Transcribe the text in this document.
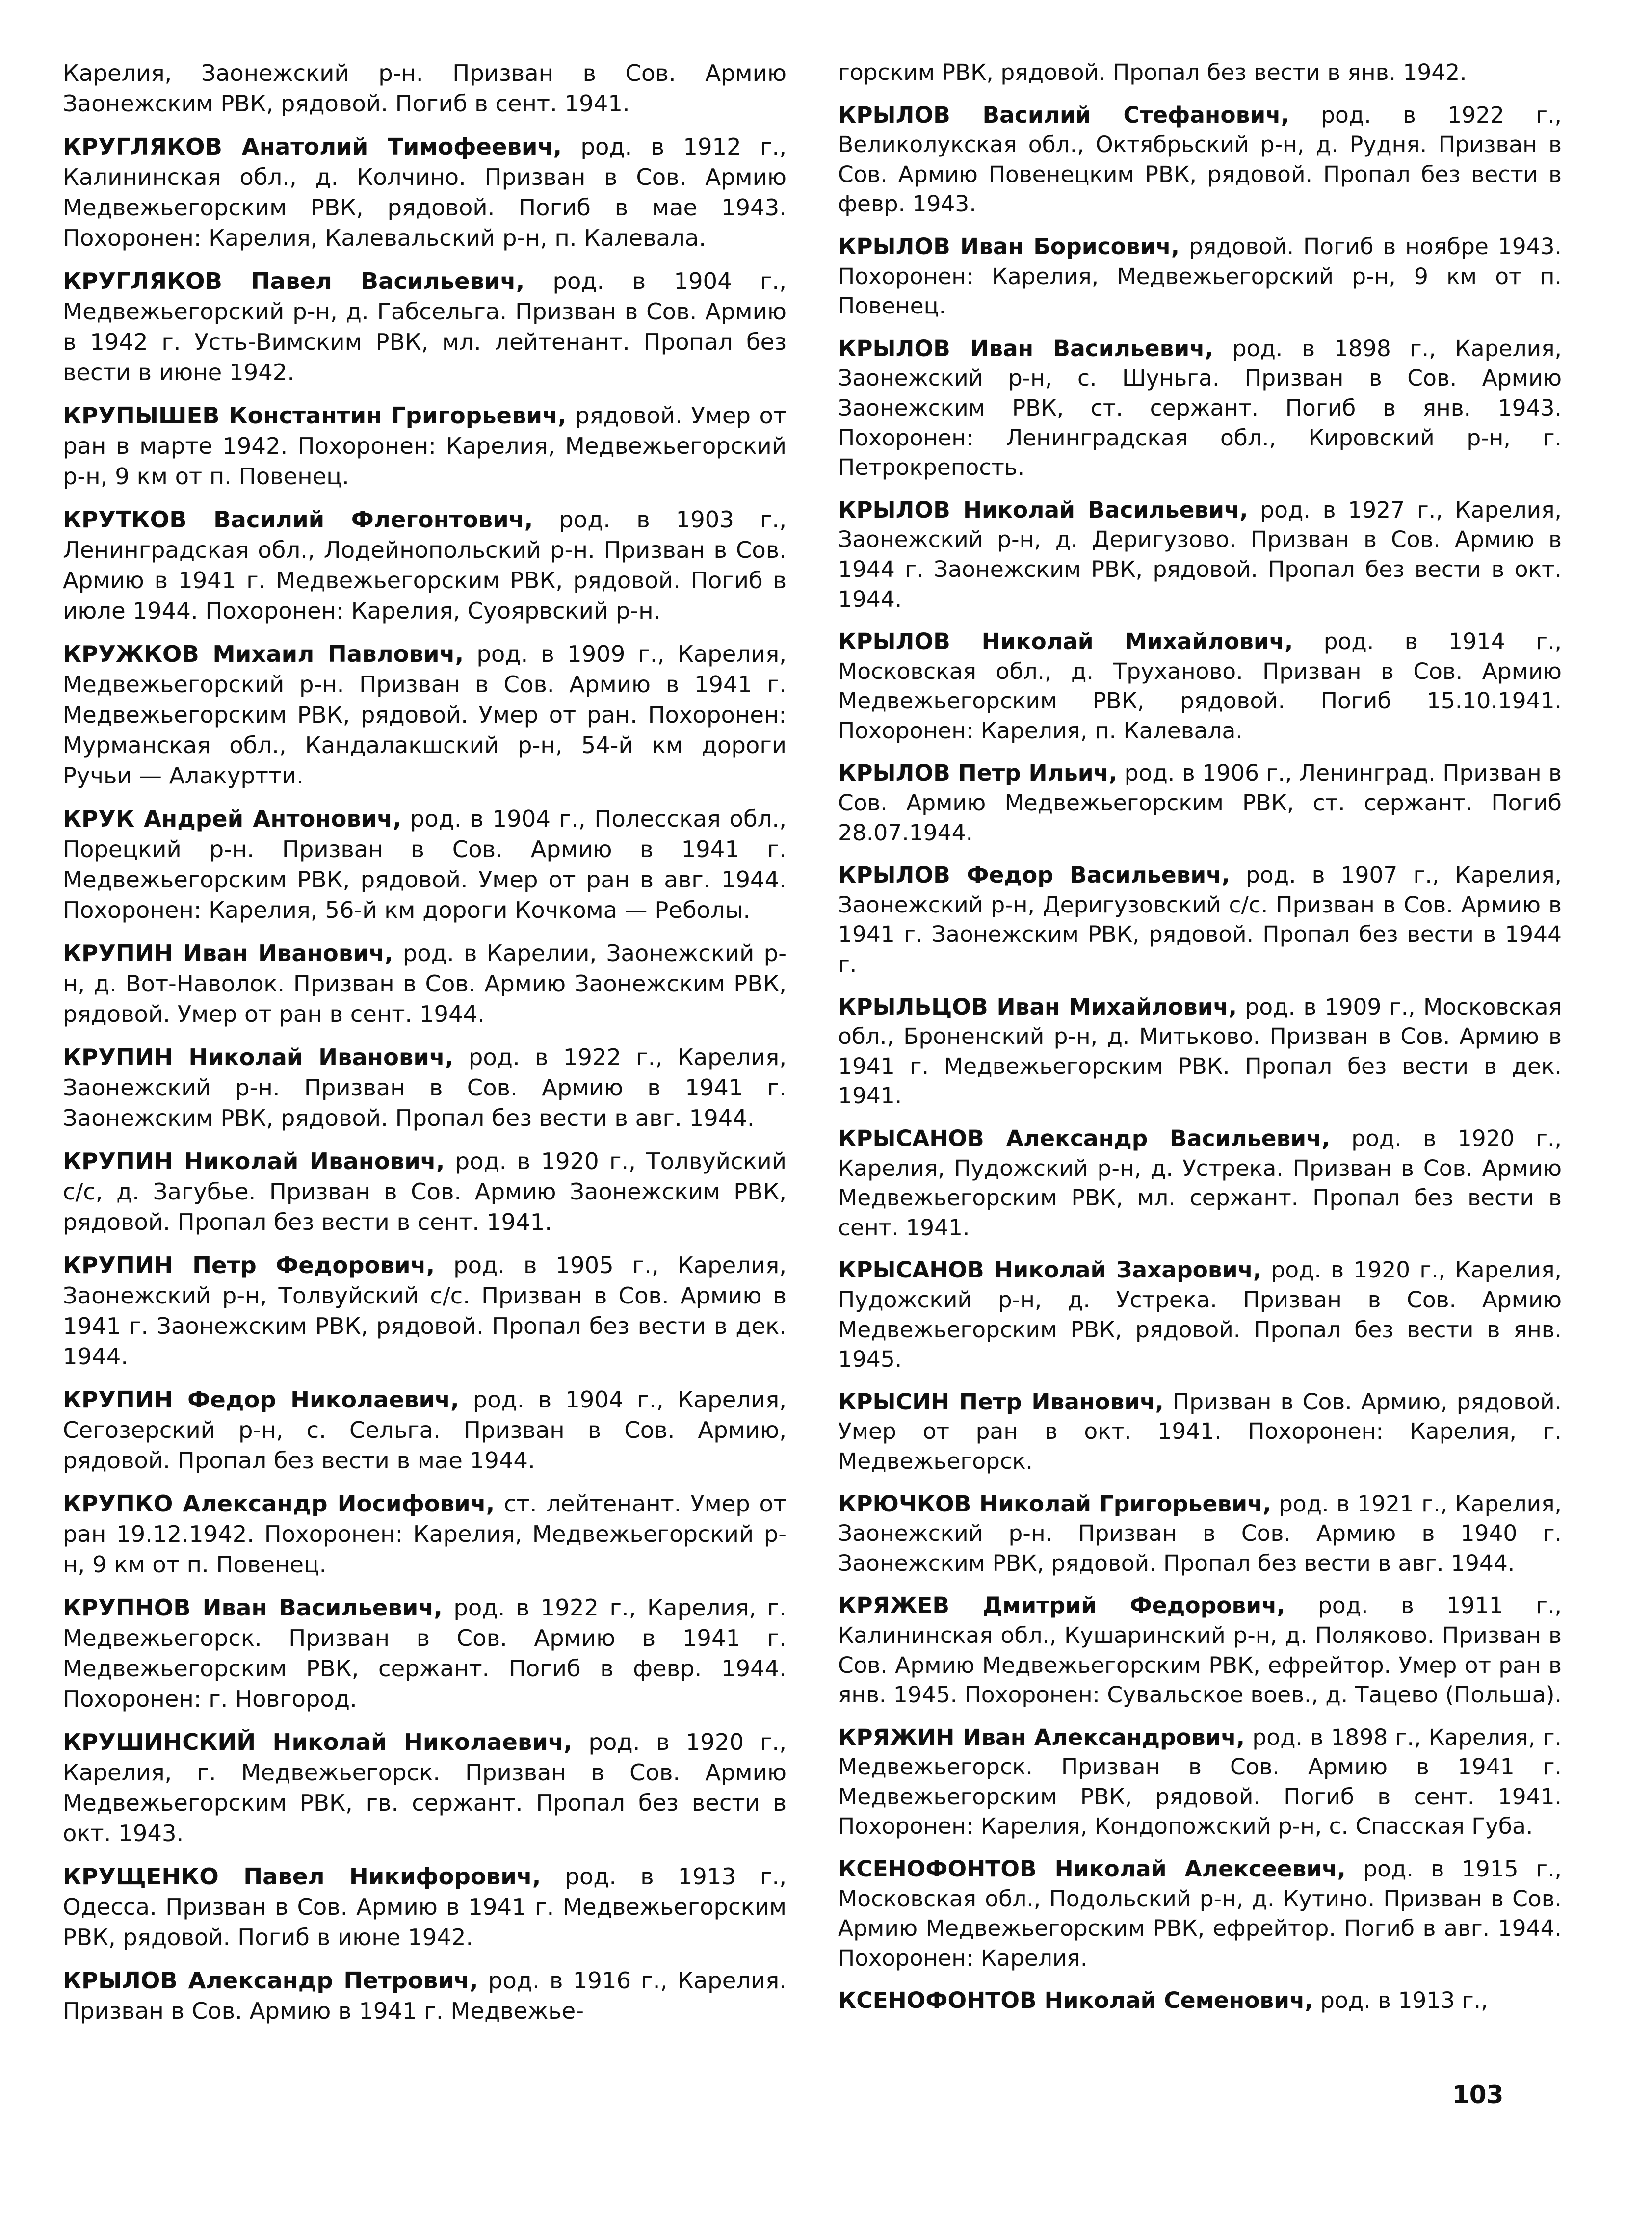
Карелия, Заонежский р-н. Призван в Сов. Армию Заонежским РВК, рядовой. Погиб в сент. 1941.

КРУГЛЯКОВ Анатолий Тимофеевич, род. в 1912 г., Калининская обл., д. Колчино. Призван в Сов. Армию Медвежьегорским РВК, рядовой. Погиб в мае 1943. Похоронен: Карелия, Калевальский р-н, п. Калевала.

КРУГЛЯКОВ Павел Васильевич, род. в 1904 г., Медвежьегорский р-н, д. Габсельга. Призван в Сов. Армию в 1942 г. Усть-Вимским РВК, мл. лейтенант. Пропал без вести в июне 1942.

КРУПЫШЕВ Константин Григорьевич, рядовой. Умер от ран в марте 1942. Похоронен: Карелия, Медвежьегорский р-н, 9 км от п. Повенец.

КРУТКОВ Василий Флегонтович, род. в 1903 г., Ленинградская обл., Лодейнопольский р-н. Призван в Сов. Армию в 1941 г. Медвежьегорским РВК, рядовой. Погиб в июле 1944. Похоронен: Карелия, Суоярвский р-н.

КРУЖКОВ Михаил Павлович, род. в 1909 г., Карелия, Медвежьегорский р-н. Призван в Сов. Армию в 1941 г. Медвежьегорским РВК, рядовой. Умер от ран. Похоронен: Мурманская обл., Кандалакшский р-н, 54-й км дороги Ручьи — Алакуртти.

КРУК Андрей Антонович, род. в 1904 г., Полесская обл., Порецкий р-н. Призван в Сов. Армию в 1941 г. Медвежьегорским РВК, рядовой. Умер от ран в авг. 1944. Похоронен: Карелия, 56-й км дороги Кочкома — Реболы.

КРУПИН Иван Иванович, род. в Карелии, Заонежский р-н, д. Вот-Наволок. Призван в Сов. Армию Заонежским РВК, рядовой. Умер от ран в сент. 1944.

КРУПИН Николай Иванович, род. в 1922 г., Карелия, Заонежский р-н. Призван в Сов. Армию в 1941 г. Заонежским РВК, рядовой. Пропал без вести в авг. 1944.

КРУПИН Николай Иванович, род. в 1920 г., Толвуйский с/с, д. Загубье. Призван в Сов. Армию Заонежским РВК, рядовой. Пропал без вести в сент. 1941.

КРУПИН Петр Федорович, род. в 1905 г., Карелия, Заонежский р-н, Толвуйский с/с. Призван в Сов. Армию в 1941 г. Заонежским РВК, рядовой. Пропал без вести в дек. 1944.

КРУПИН Федор Николаевич, род. в 1904 г., Карелия, Сегозерский р-н, с. Сельга. Призван в Сов. Армию, рядовой. Пропал без вести в мае 1944.

КРУПКО Александр Иосифович, ст. лейтенант. Умер от ран 19.12.1942. Похоронен: Карелия, Медвежьегорский р-н, 9 км от п. Повенец.

КРУПНОВ Иван Васильевич, род. в 1922 г., Карелия, г. Медвежьегорск. Призван в Сов. Армию в 1941 г. Медвежьегорским РВК, сержант. Погиб в февр. 1944. Похоронен: г. Новгород.

КРУШИНСКИЙ Николай Николаевич, род. в 1920 г., Карелия, г. Медвежьегорск. Призван в Сов. Армию Медвежьегорским РВК, гв. сержант. Пропал без вести в окт. 1943.

КРУЩЕНКО Павел Никифорович, род. в 1913 г., Одесса. Призван в Сов. Армию в 1941 г. Медвежьегорским РВК, рядовой. Погиб в июне 1942.

КРЫЛОВ Александр Петрович, род. в 1916 г., Карелия. Призван в Сов. Армию в 1941 г. Медвежье-

горским РВК, рядовой. Пропал без вести в янв. 1942.

КРЫЛОВ Василий Стефанович, род. в 1922 г., Великолукская обл., Октябрьский р-н, д. Рудня. Призван в Сов. Армию Повенецким РВК, рядовой. Пропал без вести в февр. 1943.

КРЫЛОВ Иван Борисович, рядовой. Погиб в ноябре 1943. Похоронен: Карелия, Медвежьегорский р-н, 9 км от п. Повенец.

КРЫЛОВ Иван Васильевич, род. в 1898 г., Карелия, Заонежский р-н, с. Шуньга. Призван в Сов. Армию Заонежским РВК, ст. сержант. Погиб в янв. 1943. Похоронен: Ленинградская обл., Кировский р-н, г. Петрокрепость.

КРЫЛОВ Николай Васильевич, род. в 1927 г., Карелия, Заонежский р-н, д. Деригузово. Призван в Сов. Армию в 1944 г. Заонежским РВК, рядовой. Пропал без вести в окт. 1944.

КРЫЛОВ Николай Михайлович, род. в 1914 г., Московская обл., д. Труханово. Призван в Сов. Армию Медвежьегорским РВК, рядовой. Погиб 15.10.1941. Похоронен: Карелия, п. Калевала.

КРЫЛОВ Петр Ильич, род. в 1906 г., Ленинград. Призван в Сов. Армию Медвежьегорским РВК, ст. сержант. Погиб 28.07.1944.

КРЫЛОВ Федор Васильевич, род. в 1907 г., Карелия, Заонежский р-н, Деригузовский с/с. Призван в Сов. Армию в 1941 г. Заонежским РВК, рядовой. Пропал без вести в 1944 г.

КРЫЛЬЦОВ Иван Михайлович, род. в 1909 г., Московская обл., Броненский р-н, д. Митьково. Призван в Сов. Армию в 1941 г. Медвежьегорским РВК. Пропал без вести в дек. 1941.

КРЫСАНОВ Александр Васильевич, род. в 1920 г., Карелия, Пудожский р-н, д. Устрека. Призван в Сов. Армию Медвежьегорским РВК, мл. сержант. Пропал без вести в сент. 1941.

КРЫСАНОВ Николай Захарович, род. в 1920 г., Карелия, Пудожский р-н, д. Устрека. Призван в Сов. Армию Медвежьегорским РВК, рядовой. Пропал без вести в янв. 1945.

КРЫСИН Петр Иванович, Призван в Сов. Армию, рядовой. Умер от ран в окт. 1941. Похоронен: Карелия, г. Медвежьегорск.

КРЮЧКОВ Николай Григорьевич, род. в 1921 г., Карелия, Заонежский р-н. Призван в Сов. Армию в 1940 г. Заонежским РВК, рядовой. Пропал без вести в авг. 1944.

КРЯЖЕВ Дмитрий Федорович, род. в 1911 г., Калининская обл., Кушаринский р-н, д. Поляково. Призван в Сов. Армию Медвежьегорским РВК, ефрейтор. Умер от ран в янв. 1945. Похоронен: Сувальское воев., д. Тацево (Польша).

КРЯЖИН Иван Александрович, род. в 1898 г., Карелия, г. Медвежьегорск. Призван в Сов. Армию в 1941 г. Медвежьегорским РВК, рядовой. Погиб в сент. 1941. Похоронен: Карелия, Кондопожский р-н, с. Спасская Губа.

КСЕНОФОНТОВ Николай Алексеевич, род. в 1915 г., Московская обл., Подольский р-н, д. Кутино. Призван в Сов. Армию Медвежьегорским РВК, ефрейтор. Погиб в авг. 1944. Похоронен: Карелия.

КСЕНОФОНТОВ Николай Семенович, род. в 1913 г.,

103
